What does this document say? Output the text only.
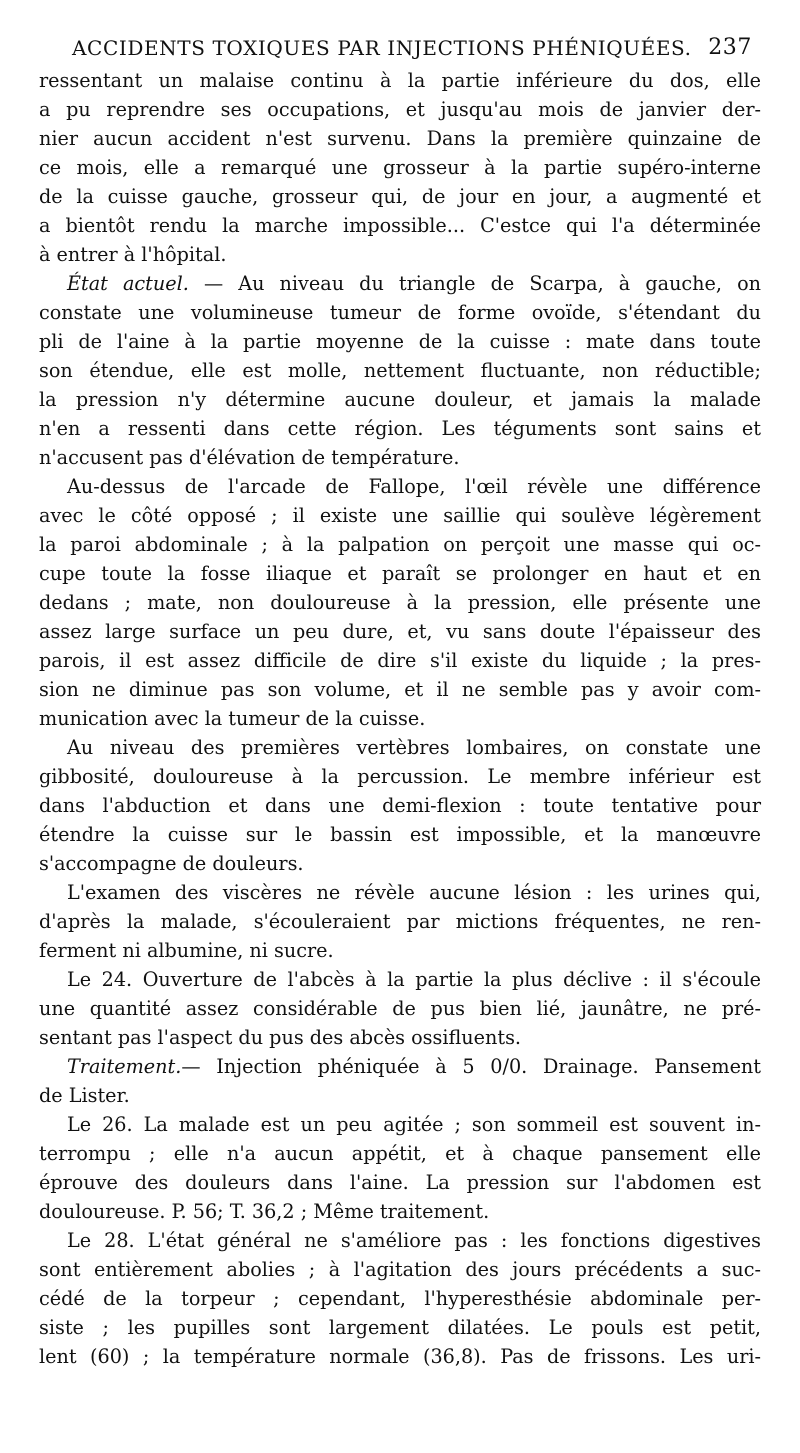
ACCIDENTS TOXIQUES PAR INJECTIONS PHÉNIQUÉES. 237

ressentant un malaise continu à la partie inférieure du dos, elle
a pu reprendre ses occupations, et jusqu'au mois de janvier der-
nier aucun accident n'est survenu. Dans la première quinzaine de
ce mois, elle a remarqué une grosseur à la partie supéro-interne
de la cuisse gauche, grosseur qui, de jour en jour, a augmenté et
a bientôt rendu la marche impossible... C'estce qui l'a déterminée
à entrer à l'hôpital.

État actuel. — Au niveau du triangle de Scarpa, à gauche, on
constate une volumineuse tumeur de forme ovoïde, s'étendant du
pli de l'aine à la partie moyenne de la cuisse : mate dans toute
son étendue, elle est molle, nettement fluctuante, non réductible;
la pression n'y détermine aucune douleur, et jamais la malade
n'en a ressenti dans cette région. Les téguments sont sains et
n'accusent pas d'élévation de température.

Au-dessus de l'arcade de Fallope, l'œil révèle une différence
avec le côté opposé ; il existe une saillie qui soulève légèrement
la paroi abdominale ; à la palpation on perçoit une masse qui oc-
cupe toute la fosse iliaque et paraît se prolonger en haut et en
dedans ; mate, non douloureuse à la pression, elle présente une
assez large surface un peu dure, et, vu sans doute l'épaisseur des
parois, il est assez difficile de dire s'il existe du liquide ; la pres-
sion ne diminue pas son volume, et il ne semble pas y avoir com-
munication avec la tumeur de la cuisse.

Au niveau des premières vertèbres lombaires, on constate une
gibbosité, douloureuse à la percussion. Le membre inférieur est
dans l'abduction et dans une demi-flexion : toute tentative pour
étendre la cuisse sur le bassin est impossible, et la manœuvre
s'accompagne de douleurs.

L'examen des viscères ne révèle aucune lésion : les urines qui,
d'après la malade, s'écouleraient par mictions fréquentes, ne ren-
ferment ni albumine, ni sucre.

Le 24. Ouverture de l'abcès à la partie la plus déclive : il s'écoule
une quantité assez considérable de pus bien lié, jaunâtre, ne pré-
sentant pas l'aspect du pus des abcès ossifluents.

Traitement.— Injection phéniquée à 5 0/0. Drainage. Pansement
de Lister.

Le 26. La malade est un peu agitée ; son sommeil est souvent in-
terrompu ; elle n'a aucun appétit, et à chaque pansement elle
éprouve des douleurs dans l'aine. La pression sur l'abdomen est
douloureuse. P. 56; T. 36,2 ; Même traitement.

Le 28. L'état général ne s'améliore pas : les fonctions digestives
sont entièrement abolies ; à l'agitation des jours précédents a suc-
cédé de la torpeur ; cependant, l'hyperesthésie abdominale per-
siste ; les pupilles sont largement dilatées. Le pouls est petit,
lent (60) ; la température normale (36,8). Pas de frissons. Les uri-
